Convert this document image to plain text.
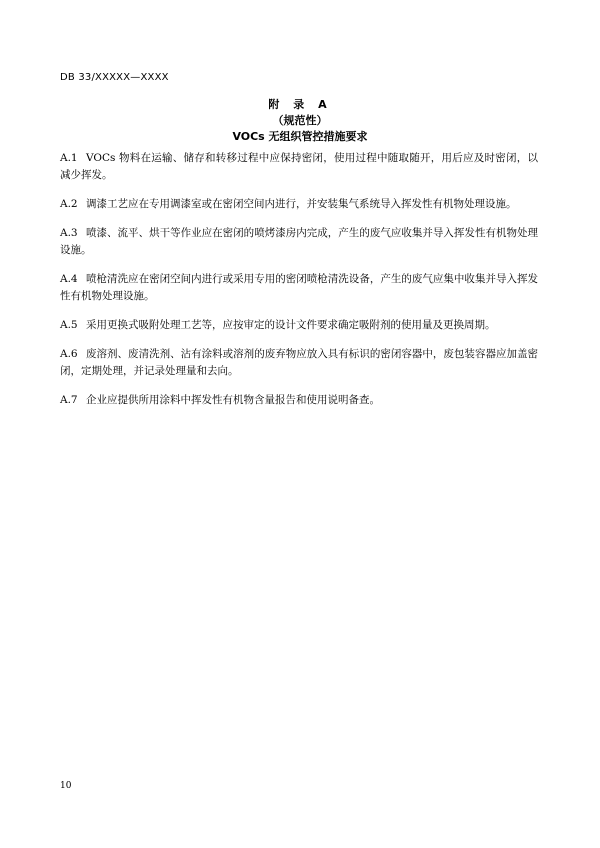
DB 33/XXXXX—XXXX
附 录 A
（规范性）
VOCs 无组织管控措施要求

A.1 VOCs 物料在运输、储存和转移过程中应保持密闭，使用过程中随取随开，用后应及时密闭，以减少挥发。

A.2 调漆工艺应在专用调漆室或在密闭空间内进行，并安装集气系统导入挥发性有机物处理设施。

A.3 喷漆、流平、烘干等作业应在密闭的喷烤漆房内完成，产生的废气应收集并导入挥发性有机物处理设施。

A.4 喷枪清洗应在密闭空间内进行或采用专用的密闭喷枪清洗设备，产生的废气应集中收集并导入挥发性有机物处理设施。

A.5 采用更换式吸附处理工艺等，应按审定的设计文件要求确定吸附剂的使用量及更换周期。

A.6 废溶剂、废清洗剂、沾有涂料或溶剂的废弃物应放入具有标识的密闭容器中，废包装容器应加盖密闭，定期处理，并记录处理量和去向。

A.7 企业应提供所用涂料中挥发性有机物含量报告和使用说明备查。

10
